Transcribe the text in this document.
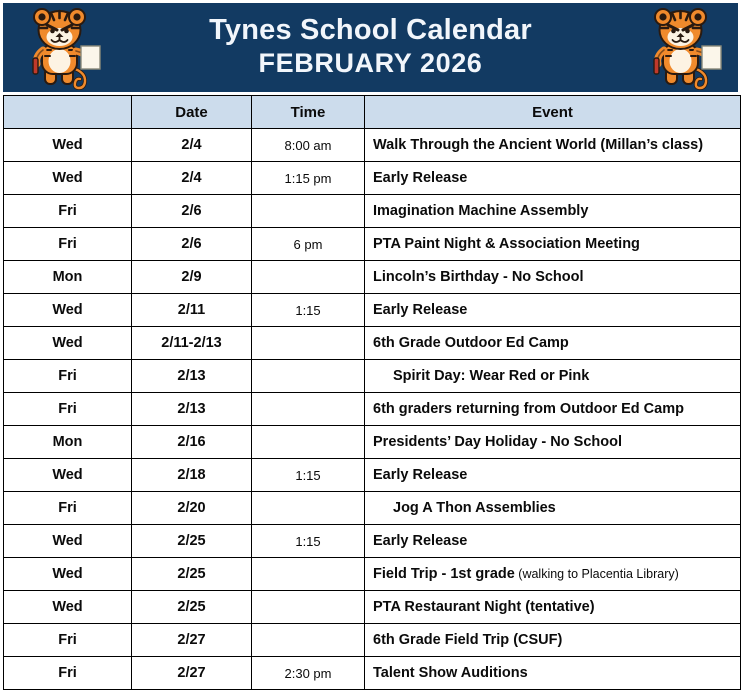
Tynes School Calendar
FEBRUARY 2026
	Date	Time	Event
Wed	2/4	8:00 am	Walk Through the Ancient World (Millan’s class)
Wed	2/4	1:15 pm	Early Release
Fri	2/6		Imagination Machine Assembly
Fri	2/6	6 pm	PTA Paint Night & Association Meeting
Mon	2/9		Lincoln’s Birthday - No School
Wed	2/11	1:15	Early Release
Wed	2/11-2/13		6th Grade Outdoor Ed Camp
Fri	2/13		Spirit Day: Wear Red or Pink
Fri	2/13		6th graders returning from Outdoor Ed Camp
Mon	2/16		Presidents’ Day Holiday - No School
Wed	2/18	1:15	Early Release
Fri	2/20		Jog A Thon Assemblies
Wed	2/25	1:15	Early Release
Wed	2/25		Field Trip - 1st grade (walking to Placentia Library)
Wed	2/25		PTA Restaurant Night (tentative)
Fri	2/27		6th Grade Field Trip (CSUF)
Fri	2/27	2:30 pm	Talent Show Auditions
